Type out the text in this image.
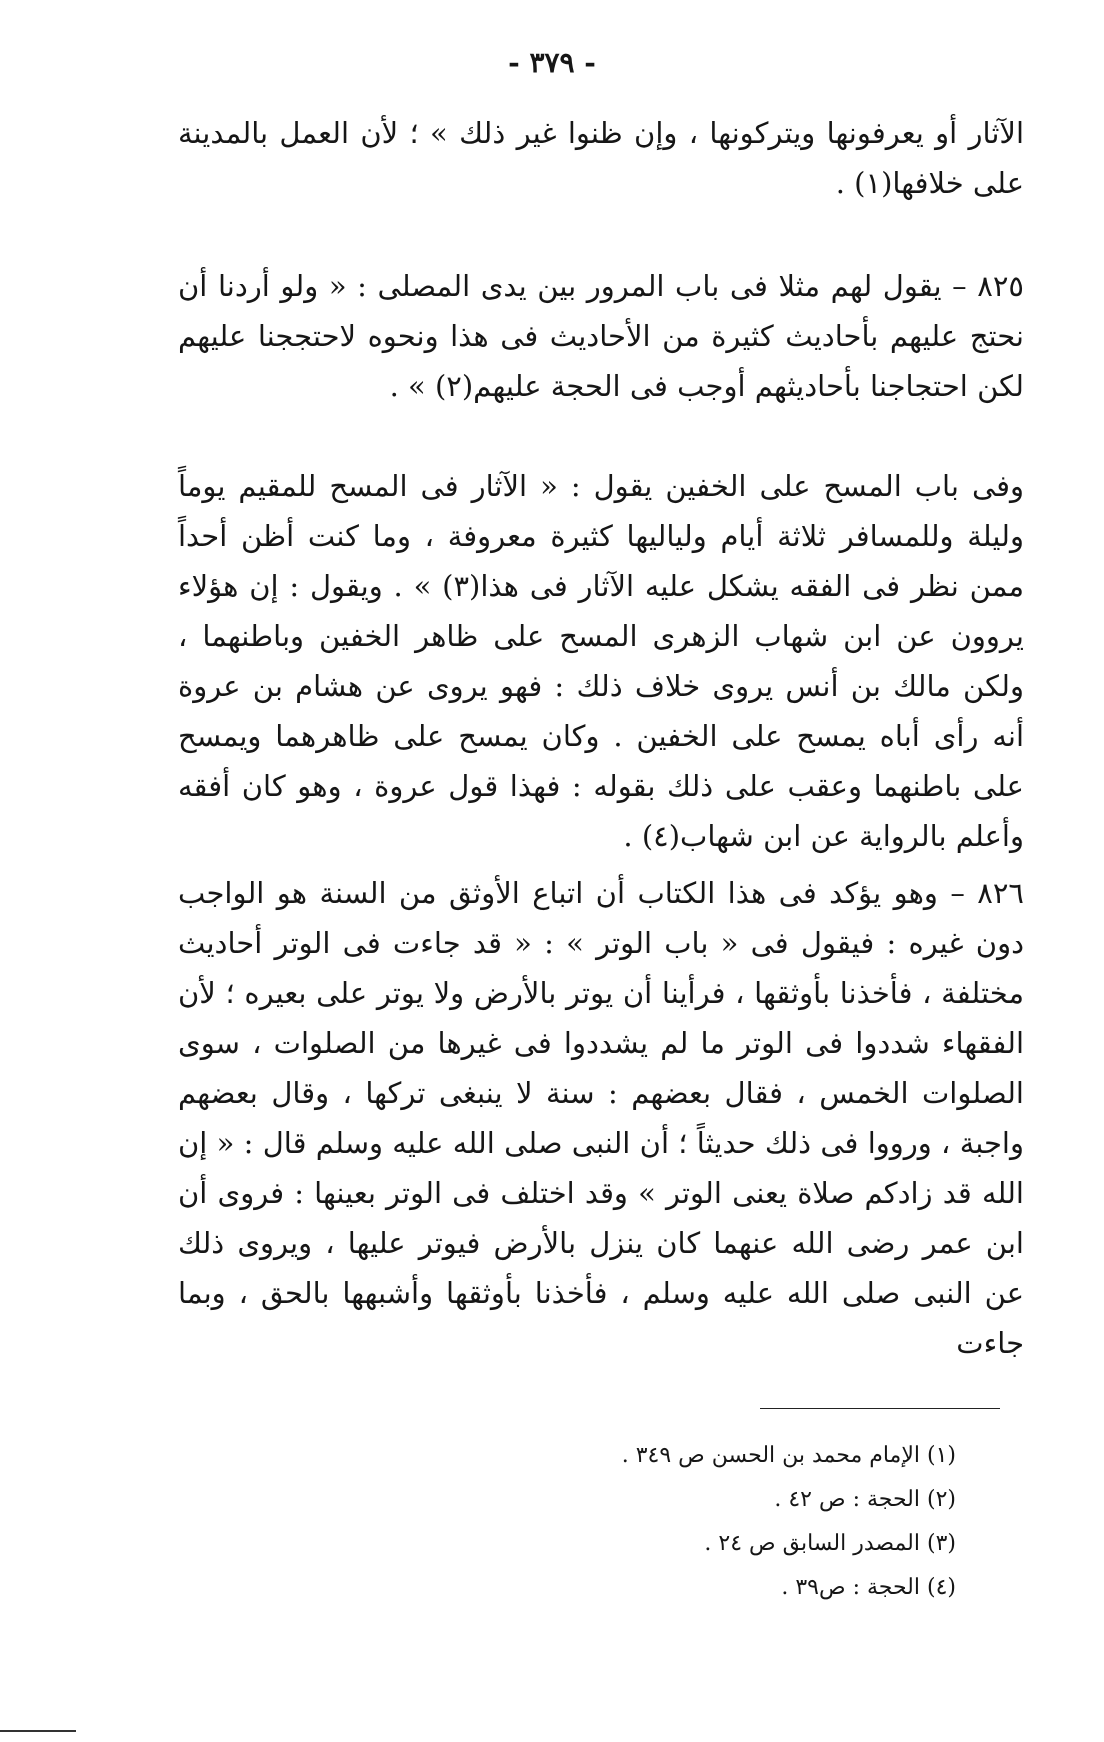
- ٣٧٩ -

الآثار أو يعرفونها ويتركونها ، وإن ظنوا غير ذلك » ؛ لأن العمل بالمدينة على خلافها(١) .

٨٢٥ – يقول لهم مثلا فى باب المرور بين يدى المصلى : « ولو أردنا أن نحتج عليهم بأحاديث كثيرة من الأحاديث فى هذا ونحوه لاحتججنا عليهم لكن احتجاجنا بأحاديثهم أوجب فى الحجة عليهم(٢) » .

وفى باب المسح على الخفين يقول : « الآثار فى المسح للمقيم يوماً وليلة وللمسافر ثلاثة أيام ولياليها كثيرة معروفة ، وما كنت أظن أحداً ممن نظر فى الفقه يشكل عليه الآثار فى هذا(٣) » . ويقول : إن هؤلاء يروون عن ابن شهاب الزهرى المسح على ظاهر الخفين وباطنهما ، ولكن مالك بن أنس يروى خلاف ذلك : فهو يروى عن هشام بن عروة أنه رأى أباه يمسح على الخفين . وكان يمسح على ظاهرهما ويمسح على باطنهما وعقب على ذلك بقوله : فهذا قول عروة ، وهو كان أفقه وأعلم بالرواية عن ابن شهاب(٤) .

٨٢٦ – وهو يؤكد فى هذا الكتاب أن اتباع الأوثق من السنة هو الواجب دون غيره : فيقول فى « باب الوتر » : « قد جاءت فى الوتر أحاديث مختلفة ، فأخذنا بأوثقها ، فرأينا أن يوتر بالأرض ولا يوتر على بعيره ؛ لأن الفقهاء شددوا فى الوتر ما لم يشددوا فى غيرها من الصلوات ، سوى الصلوات الخمس ، فقال بعضهم : سنة لا ينبغى تركها ، وقال بعضهم واجبة ، ورووا فى ذلك حديثاً ؛ أن النبى صلى الله عليه وسلم قال : « إن الله قد زادكم صلاة يعنى الوتر » وقد اختلف فى الوتر بعينها : فروى أن ابن عمر رضى الله عنهما كان ينزل بالأرض فيوتر عليها ، ويروى ذلك عن النبى صلى الله عليه وسلم ، فأخذنا بأوثقها وأشبهها بالحق ، وبما جاءت

(١) الإمام محمد بن الحسن ص ٣٤٩ .

(٢) الحجة : ص ٤٢ .

(٣) المصدر السابق ص ٢٤ .

(٤) الحجة : ص٣٩ .
